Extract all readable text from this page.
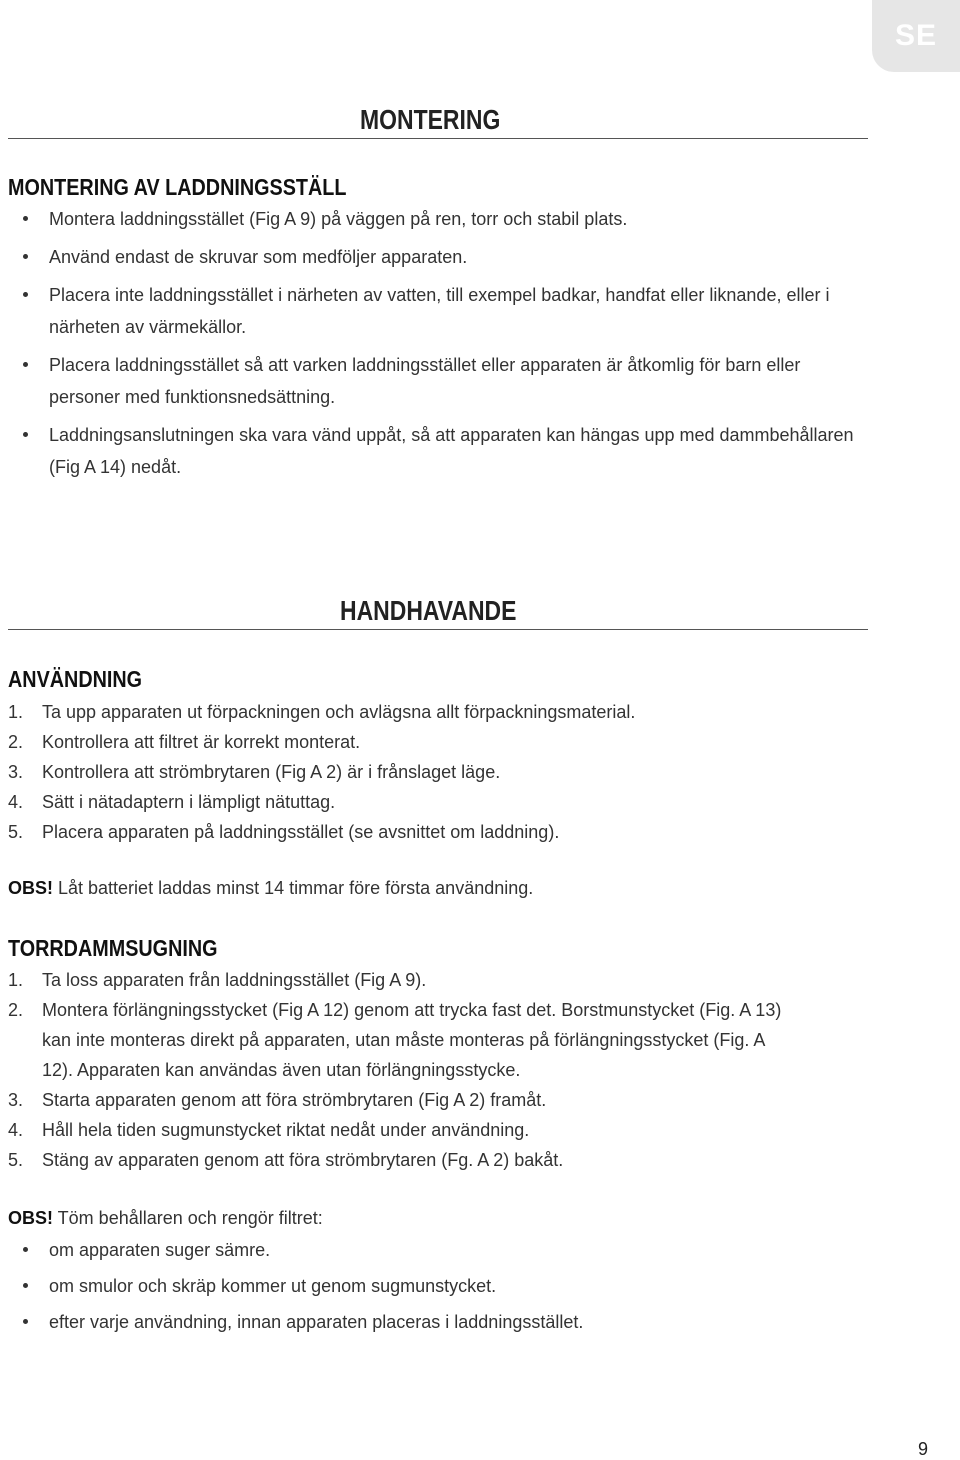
SE
MONTERING
MONTERING AV LADDNINGSSTÄLL
Montera laddningsstället (Fig A 9) på väggen på ren, torr och stabil plats.
Använd endast de skruvar som medföljer apparaten.
Placera inte laddningsstället i närheten av vatten, till exempel badkar, handfat eller liknande, eller i närheten av värmekällor.
Placera laddningsstället så att varken laddningsstället eller apparaten är åtkomlig för barn eller personer med funktionsnedsättning.
Laddningsanslutningen ska vara vänd uppåt, så att apparaten kan hängas upp med dammbehållaren (Fig A 14) nedåt.
HANDHAVANDE
ANVÄNDNING
1. Ta upp apparaten ut förpackningen och avlägsna allt förpackningsmaterial.
2. Kontrollera att filtret är korrekt monterat.
3. Kontrollera att strömbrytaren (Fig A 2) är i frånslaget läge.
4. Sätt i nätadaptern i lämpligt nätuttag.
5. Placera apparaten på laddningsstället (se avsnittet om laddning).
OBS! Låt batteriet laddas minst 14 timmar före första användning.
TORRDAMMSUGNING
1. Ta loss apparaten från laddningsstället (Fig A 9).
2. Montera förlängningsstycket (Fig A 12) genom att trycka fast det. Borstmunstycket (Fig. A 13) kan inte monteras direkt på apparaten, utan måste monteras på förlängningsstycket (Fig. A 12). Apparaten kan användas även utan förlängningsstycke.
3. Starta apparaten genom att föra strömbrytaren (Fig A 2) framåt.
4. Håll hela tiden sugmunstycket riktat nedåt under användning.
5. Stäng av apparaten genom att föra strömbrytaren (Fg. A 2) bakåt.
OBS! Töm behållaren och rengör filtret:
om apparaten suger sämre.
om smulor och skräp kommer ut genom sugmunstycket.
efter varje användning, innan apparaten placeras i laddningsstället.
9
